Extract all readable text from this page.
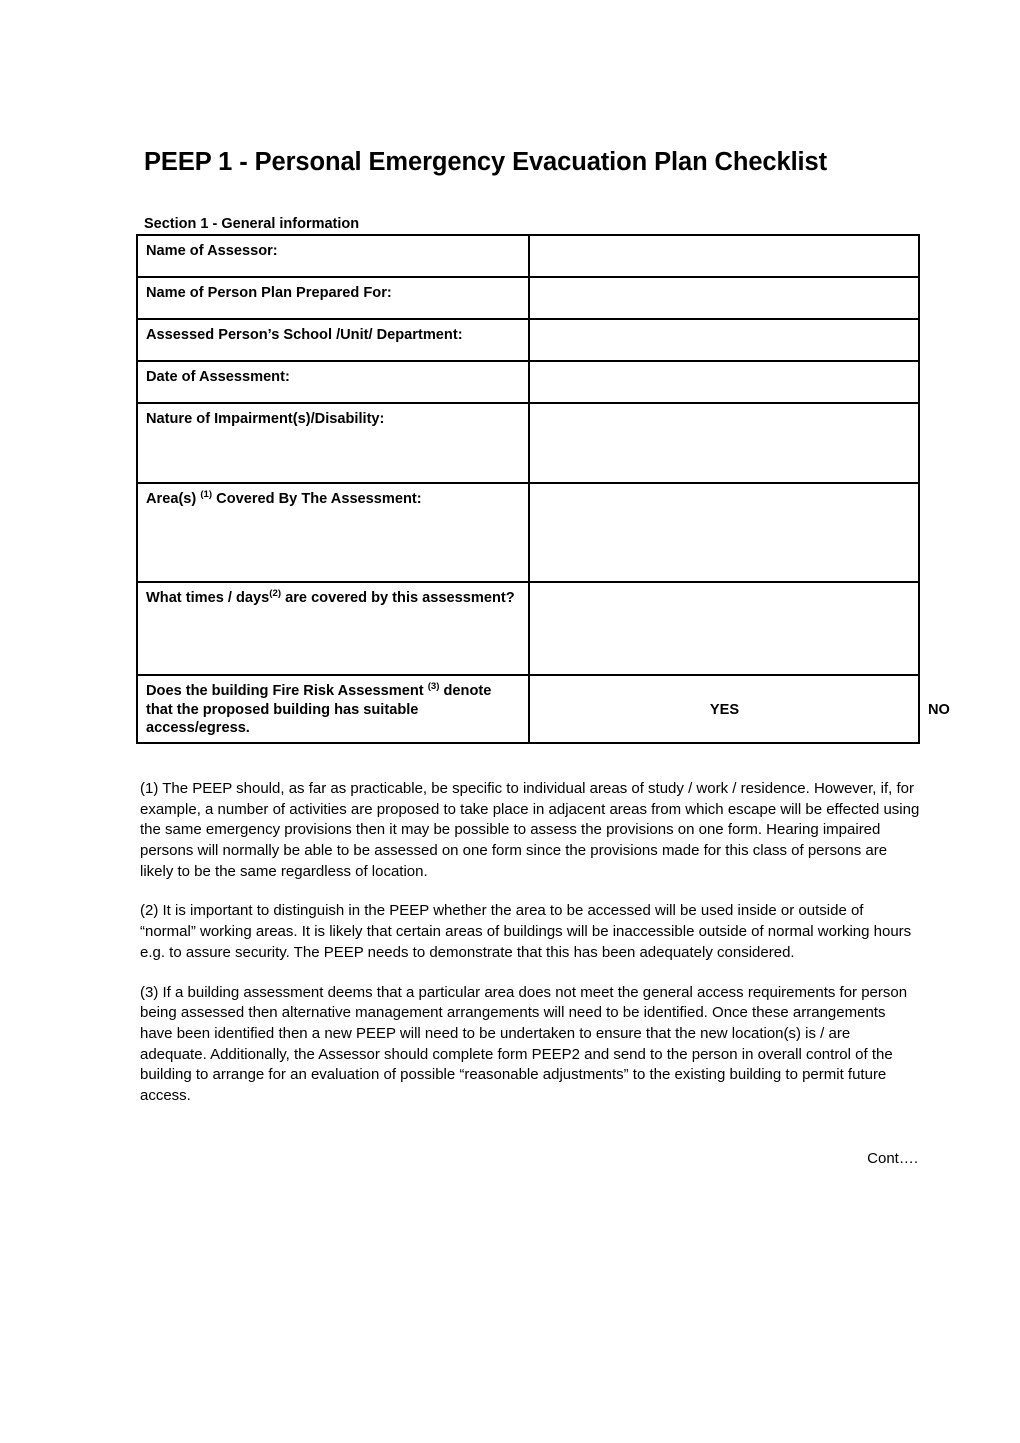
PEEP 1 - Personal Emergency Evacuation Plan Checklist
Section 1 - General information
Name of Assessor:		
Name of Person Plan Prepared For:		
Assessed Person’s School /Unit/ Department:		
Date of Assessment:		
Nature of Impairment(s)/Disability:		
Area(s) $^{(1)}$ Covered By The Assessment:		
What times / days$^{(2)}$ are covered by this assessment?		
Does the building Fire Risk Assessment $^{(3)}$ denote that the proposed building has suitable access/egress.	YES	NO

(1) The PEEP should, as far as practicable, be specific to individual areas of study / work / residence. However, if, for example, a number of activities are proposed to take place in adjacent areas from which escape will be effected using the same emergency provisions then it may be possible to assess the provisions on one form. Hearing impaired persons will normally be able to be assessed on one form since the provisions made for this class of persons are likely to be the same regardless of location.

(2) It is important to distinguish in the PEEP whether the area to be accessed will be used inside or outside of “normal” working areas. It is likely that certain areas of buildings will be inaccessible outside of normal working hours e.g. to assure security. The PEEP needs to demonstrate that this has been adequately considered.

(3) If a building assessment deems that a particular area does not meet the general access requirements for person being assessed then alternative management arrangements will need to be identified. Once these arrangements have been identified then a new PEEP will need to be undertaken to ensure that the new location(s) is / are adequate. Additionally, the Assessor should complete form PEEP2 and send to the person in overall control of the building to arrange for an evaluation of possible “reasonable adjustments” to the existing building to permit future access.

Cont….
